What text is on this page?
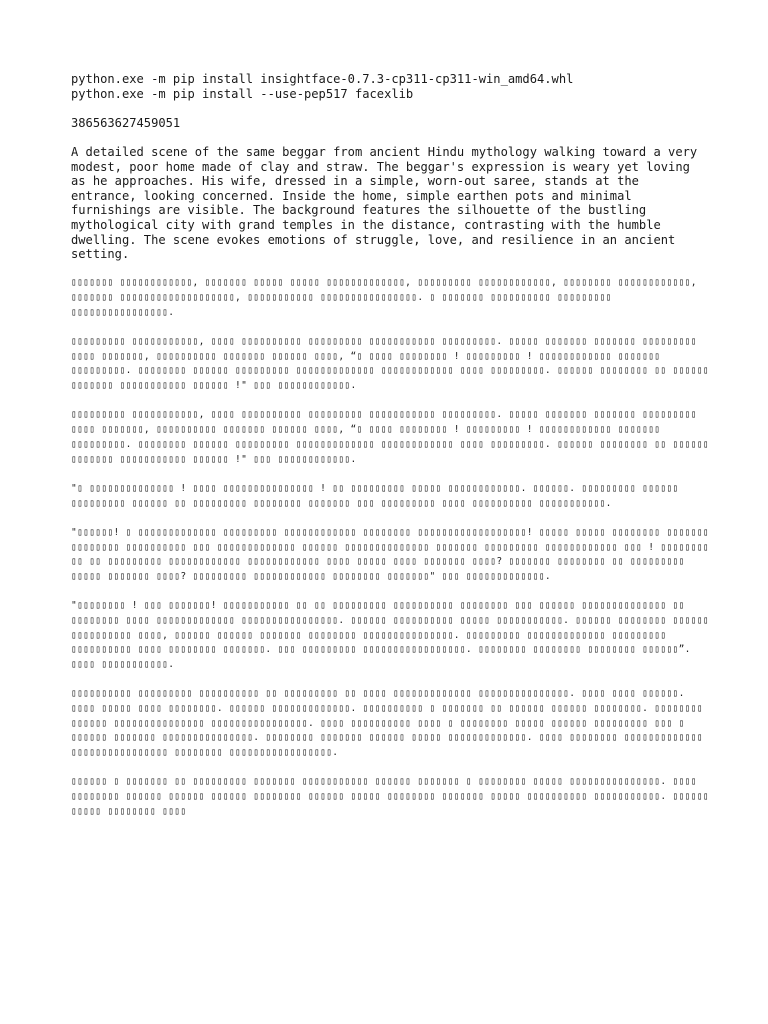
python.exe -m pip install insightface-0.7.3-cp311-cp311-win_amd64.whl
python.exe -m pip install --use-pep517 facexlib

386563627459051

A detailed scene of the same beggar from ancient Hindu mythology walking toward a very modest, poor home made of clay and straw. The beggar's expression is weary yet loving as he approaches. His wife, dressed in a simple, worn-out saree, stands at the entrance, looking concerned. Inside the home, simple earthen pots and minimal furnishings are visible. The background features the silhouette of the bustling mythological city with grand temples in the distance, contrasting with the humble dwelling. The scene evokes emotions of struggle, love, and resilience in an ancient setting.

▯▯▯▯▯▯▯ ▯▯▯▯▯▯▯▯▯▯▯▯, ▯▯▯▯▯▯▯ ▯▯▯▯▯ ▯▯▯▯▯ ▯▯▯▯▯▯▯▯▯▯▯▯▯, ▯▯▯▯▯▯▯▯▯ ▯▯▯▯▯▯▯▯▯▯▯▯, ▯▯▯▯▯▯▯▯ ▯▯▯▯▯▯▯▯▯▯▯▯, ▯▯▯▯▯▯▯ ▯▯▯▯▯▯▯▯▯▯▯▯▯▯▯▯▯▯▯, ▯▯▯▯▯▯▯▯▯▯▯ ▯▯▯▯▯▯▯▯▯▯▯▯▯▯▯▯. ▯ ▯▯▯▯▯▯▯ ▯▯▯▯▯▯▯▯▯▯ ▯▯▯▯▯▯▯▯▯ ▯▯▯▯▯▯▯▯▯▯▯▯▯▯▯▯.

▯▯▯▯▯▯▯▯▯ ▯▯▯▯▯▯▯▯▯▯▯, ▯▯▯▯ ▯▯▯▯▯▯▯▯▯▯ ▯▯▯▯▯▯▯▯▯ ▯▯▯▯▯▯▯▯▯▯▯ ▯▯▯▯▯▯▯▯▯. ▯▯▯▯▯ ▯▯▯▯▯▯▯ ▯▯▯▯▯▯▯ ▯▯▯▯▯▯▯▯▯ ▯▯▯▯ ▯▯▯▯▯▯▯, ▯▯▯▯▯▯▯▯▯▯ ▯▯▯▯▯▯▯ ▯▯▯▯▯▯ ▯▯▯▯, “▯ ▯▯▯▯ ▯▯▯▯▯▯▯▯ ! ▯▯▯▯▯▯▯▯▯ ! ▯▯▯▯▯▯▯▯▯▯▯▯ ▯▯▯▯▯▯▯ ▯▯▯▯▯▯▯▯▯. ▯▯▯▯▯▯▯▯ ▯▯▯▯▯▯ ▯▯▯▯▯▯▯▯▯ ▯▯▯▯▯▯▯▯▯▯▯▯▯ ▯▯▯▯▯▯▯▯▯▯▯▯ ▯▯▯▯ ▯▯▯▯▯▯▯▯▯. ▯▯▯▯▯▯ ▯▯▯▯▯▯▯▯ ▯▯ ▯▯▯▯▯▯ ▯▯▯▯▯▯▯ ▯▯▯▯▯▯▯▯▯▯▯ ▯▯▯▯▯▯ !" ▯▯▯ ▯▯▯▯▯▯▯▯▯▯▯▯.

▯▯▯▯▯▯▯▯▯ ▯▯▯▯▯▯▯▯▯▯▯, ▯▯▯▯ ▯▯▯▯▯▯▯▯▯▯ ▯▯▯▯▯▯▯▯▯ ▯▯▯▯▯▯▯▯▯▯▯ ▯▯▯▯▯▯▯▯▯. ▯▯▯▯▯ ▯▯▯▯▯▯▯ ▯▯▯▯▯▯▯ ▯▯▯▯▯▯▯▯▯ ▯▯▯▯ ▯▯▯▯▯▯▯, ▯▯▯▯▯▯▯▯▯▯ ▯▯▯▯▯▯▯ ▯▯▯▯▯▯ ▯▯▯▯, “▯ ▯▯▯▯ ▯▯▯▯▯▯▯▯ ! ▯▯▯▯▯▯▯▯▯ ! ▯▯▯▯▯▯▯▯▯▯▯▯ ▯▯▯▯▯▯▯ ▯▯▯▯▯▯▯▯▯. ▯▯▯▯▯▯▯▯ ▯▯▯▯▯▯ ▯▯▯▯▯▯▯▯▯ ▯▯▯▯▯▯▯▯▯▯▯▯▯ ▯▯▯▯▯▯▯▯▯▯▯▯ ▯▯▯▯ ▯▯▯▯▯▯▯▯▯. ▯▯▯▯▯▯ ▯▯▯▯▯▯▯▯ ▯▯ ▯▯▯▯▯▯ ▯▯▯▯▯▯▯ ▯▯▯▯▯▯▯▯▯▯▯ ▯▯▯▯▯▯ !" ▯▯▯ ▯▯▯▯▯▯▯▯▯▯▯▯.

"▯ ▯▯▯▯▯▯▯▯▯▯▯▯▯▯ ! ▯▯▯▯ ▯▯▯▯▯▯▯▯▯▯▯▯▯▯▯ ! ▯▯ ▯▯▯▯▯▯▯▯▯ ▯▯▯▯▯ ▯▯▯▯▯▯▯▯▯▯▯▯. ▯▯▯▯▯▯. ▯▯▯▯▯▯▯▯▯ ▯▯▯▯▯▯ ▯▯▯▯▯▯▯▯▯ ▯▯▯▯▯▯ ▯▯ ▯▯▯▯▯▯▯▯▯ ▯▯▯▯▯▯▯▯ ▯▯▯▯▯▯▯ ▯▯▯ ▯▯▯▯▯▯▯▯▯ ▯▯▯▯ ▯▯▯▯▯▯▯▯▯▯ ▯▯▯▯▯▯▯▯▯▯▯.

"▯▯▯▯▯▯! ▯ ▯▯▯▯▯▯▯▯▯▯▯▯▯ ▯▯▯▯▯▯▯▯▯ ▯▯▯▯▯▯▯▯▯▯▯▯ ▯▯▯▯▯▯▯▯ ▯▯▯▯▯▯▯▯▯▯▯▯▯▯▯▯▯▯! ▯▯▯▯▯ ▯▯▯▯▯ ▯▯▯▯▯▯▯▯ ▯▯▯▯▯▯▯ ▯▯▯▯▯▯▯▯ ▯▯▯▯▯▯▯▯▯▯ ▯▯▯ ▯▯▯▯▯▯▯▯▯▯▯▯▯ ▯▯▯▯▯▯ ▯▯▯▯▯▯▯▯▯▯▯▯▯▯ ▯▯▯▯▯▯▯ ▯▯▯▯▯▯▯▯▯ ▯▯▯▯▯▯▯▯▯▯▯▯ ▯▯▯ ! ▯▯▯▯▯▯▯▯ ▯▯ ▯▯ ▯▯▯▯▯▯▯▯▯ ▯▯▯▯▯▯▯▯▯▯▯▯ ▯▯▯▯▯▯▯▯▯▯▯▯ ▯▯▯▯ ▯▯▯▯▯ ▯▯▯▯ ▯▯▯▯▯▯▯ ▯▯▯▯? ▯▯▯▯▯▯▯ ▯▯▯▯▯▯▯▯ ▯▯ ▯▯▯▯▯▯▯▯▯ ▯▯▯▯▯ ▯▯▯▯▯▯▯ ▯▯▯▯? ▯▯▯▯▯▯▯▯▯ ▯▯▯▯▯▯▯▯▯▯▯▯ ▯▯▯▯▯▯▯▯ ▯▯▯▯▯▯▯" ▯▯▯ ▯▯▯▯▯▯▯▯▯▯▯▯▯.

"▯▯▯▯▯▯▯▯ ! ▯▯▯ ▯▯▯▯▯▯▯! ▯▯▯▯▯▯▯▯▯▯▯ ▯▯ ▯▯ ▯▯▯▯▯▯▯▯▯ ▯▯▯▯▯▯▯▯▯▯ ▯▯▯▯▯▯▯▯ ▯▯▯ ▯▯▯▯▯▯ ▯▯▯▯▯▯▯▯▯▯▯▯▯▯ ▯▯ ▯▯▯▯▯▯▯▯ ▯▯▯▯ ▯▯▯▯▯▯▯▯▯▯▯▯▯ ▯▯▯▯▯▯▯▯▯▯▯▯▯▯▯▯. ▯▯▯▯▯▯ ▯▯▯▯▯▯▯▯▯▯ ▯▯▯▯▯ ▯▯▯▯▯▯▯▯▯▯▯. ▯▯▯▯▯▯ ▯▯▯▯▯▯▯▯ ▯▯▯▯▯▯ ▯▯▯▯▯▯▯▯▯▯ ▯▯▯▯, ▯▯▯▯▯▯ ▯▯▯▯▯▯ ▯▯▯▯▯▯▯ ▯▯▯▯▯▯▯▯ ▯▯▯▯▯▯▯▯▯▯▯▯▯▯▯. ▯▯▯▯▯▯▯▯▯ ▯▯▯▯▯▯▯▯▯▯▯▯▯ ▯▯▯▯▯▯▯▯▯ ▯▯▯▯▯▯▯▯▯▯ ▯▯▯▯ ▯▯▯▯▯▯▯▯ ▯▯▯▯▯▯▯. ▯▯▯ ▯▯▯▯▯▯▯▯▯ ▯▯▯▯▯▯▯▯▯▯▯▯▯▯▯▯▯. ▯▯▯▯▯▯▯▯ ▯▯▯▯▯▯▯▯ ▯▯▯▯▯▯▯▯ ▯▯▯▯▯▯”. ▯▯▯▯ ▯▯▯▯▯▯▯▯▯▯▯.

▯▯▯▯▯▯▯▯▯▯ ▯▯▯▯▯▯▯▯▯ ▯▯▯▯▯▯▯▯▯▯ ▯▯ ▯▯▯▯▯▯▯▯▯ ▯▯ ▯▯▯▯ ▯▯▯▯▯▯▯▯▯▯▯▯▯ ▯▯▯▯▯▯▯▯▯▯▯▯▯▯▯. ▯▯▯▯ ▯▯▯▯ ▯▯▯▯▯▯. ▯▯▯▯ ▯▯▯▯▯ ▯▯▯▯ ▯▯▯▯▯▯▯▯. ▯▯▯▯▯▯ ▯▯▯▯▯▯▯▯▯▯▯▯▯. ▯▯▯▯▯▯▯▯▯▯ ▯ ▯▯▯▯▯▯▯ ▯▯ ▯▯▯▯▯▯ ▯▯▯▯▯▯ ▯▯▯▯▯▯▯▯. ▯▯▯▯▯▯▯▯ ▯▯▯▯▯▯ ▯▯▯▯▯▯▯▯▯▯▯▯▯▯▯ ▯▯▯▯▯▯▯▯▯▯▯▯▯▯▯▯. ▯▯▯▯ ▯▯▯▯▯▯▯▯▯▯ ▯▯▯▯ ▯ ▯▯▯▯▯▯▯▯ ▯▯▯▯▯ ▯▯▯▯▯▯ ▯▯▯▯▯▯▯▯▯ ▯▯▯ ▯ ▯▯▯▯▯▯ ▯▯▯▯▯▯▯ ▯▯▯▯▯▯▯▯▯▯▯▯▯▯▯. ▯▯▯▯▯▯▯▯ ▯▯▯▯▯▯▯ ▯▯▯▯▯▯ ▯▯▯▯▯ ▯▯▯▯▯▯▯▯▯▯▯▯▯. ▯▯▯▯ ▯▯▯▯▯▯▯▯ ▯▯▯▯▯▯▯▯▯▯▯▯▯ ▯▯▯▯▯▯▯▯▯▯▯▯▯▯▯▯ ▯▯▯▯▯▯▯▯ ▯▯▯▯▯▯▯▯▯▯▯▯▯▯▯▯▯.

▯▯▯▯▯▯ ▯ ▯▯▯▯▯▯▯ ▯▯ ▯▯▯▯▯▯▯▯▯ ▯▯▯▯▯▯▯ ▯▯▯▯▯▯▯▯▯▯▯ ▯▯▯▯▯▯ ▯▯▯▯▯▯▯ ▯ ▯▯▯▯▯▯▯▯ ▯▯▯▯▯ ▯▯▯▯▯▯▯▯▯▯▯▯▯▯▯. ▯▯▯▯ ▯▯▯▯▯▯▯▯ ▯▯▯▯▯▯ ▯▯▯▯▯▯ ▯▯▯▯▯▯ ▯▯▯▯▯▯▯▯ ▯▯▯▯▯▯ ▯▯▯▯▯ ▯▯▯▯▯▯▯▯ ▯▯▯▯▯▯▯ ▯▯▯▯▯ ▯▯▯▯▯▯▯▯▯▯ ▯▯▯▯▯▯▯▯▯▯▯. ▯▯▯▯▯▯ ▯▯▯▯▯ ▯▯▯▯▯▯▯▯ ▯▯▯▯
